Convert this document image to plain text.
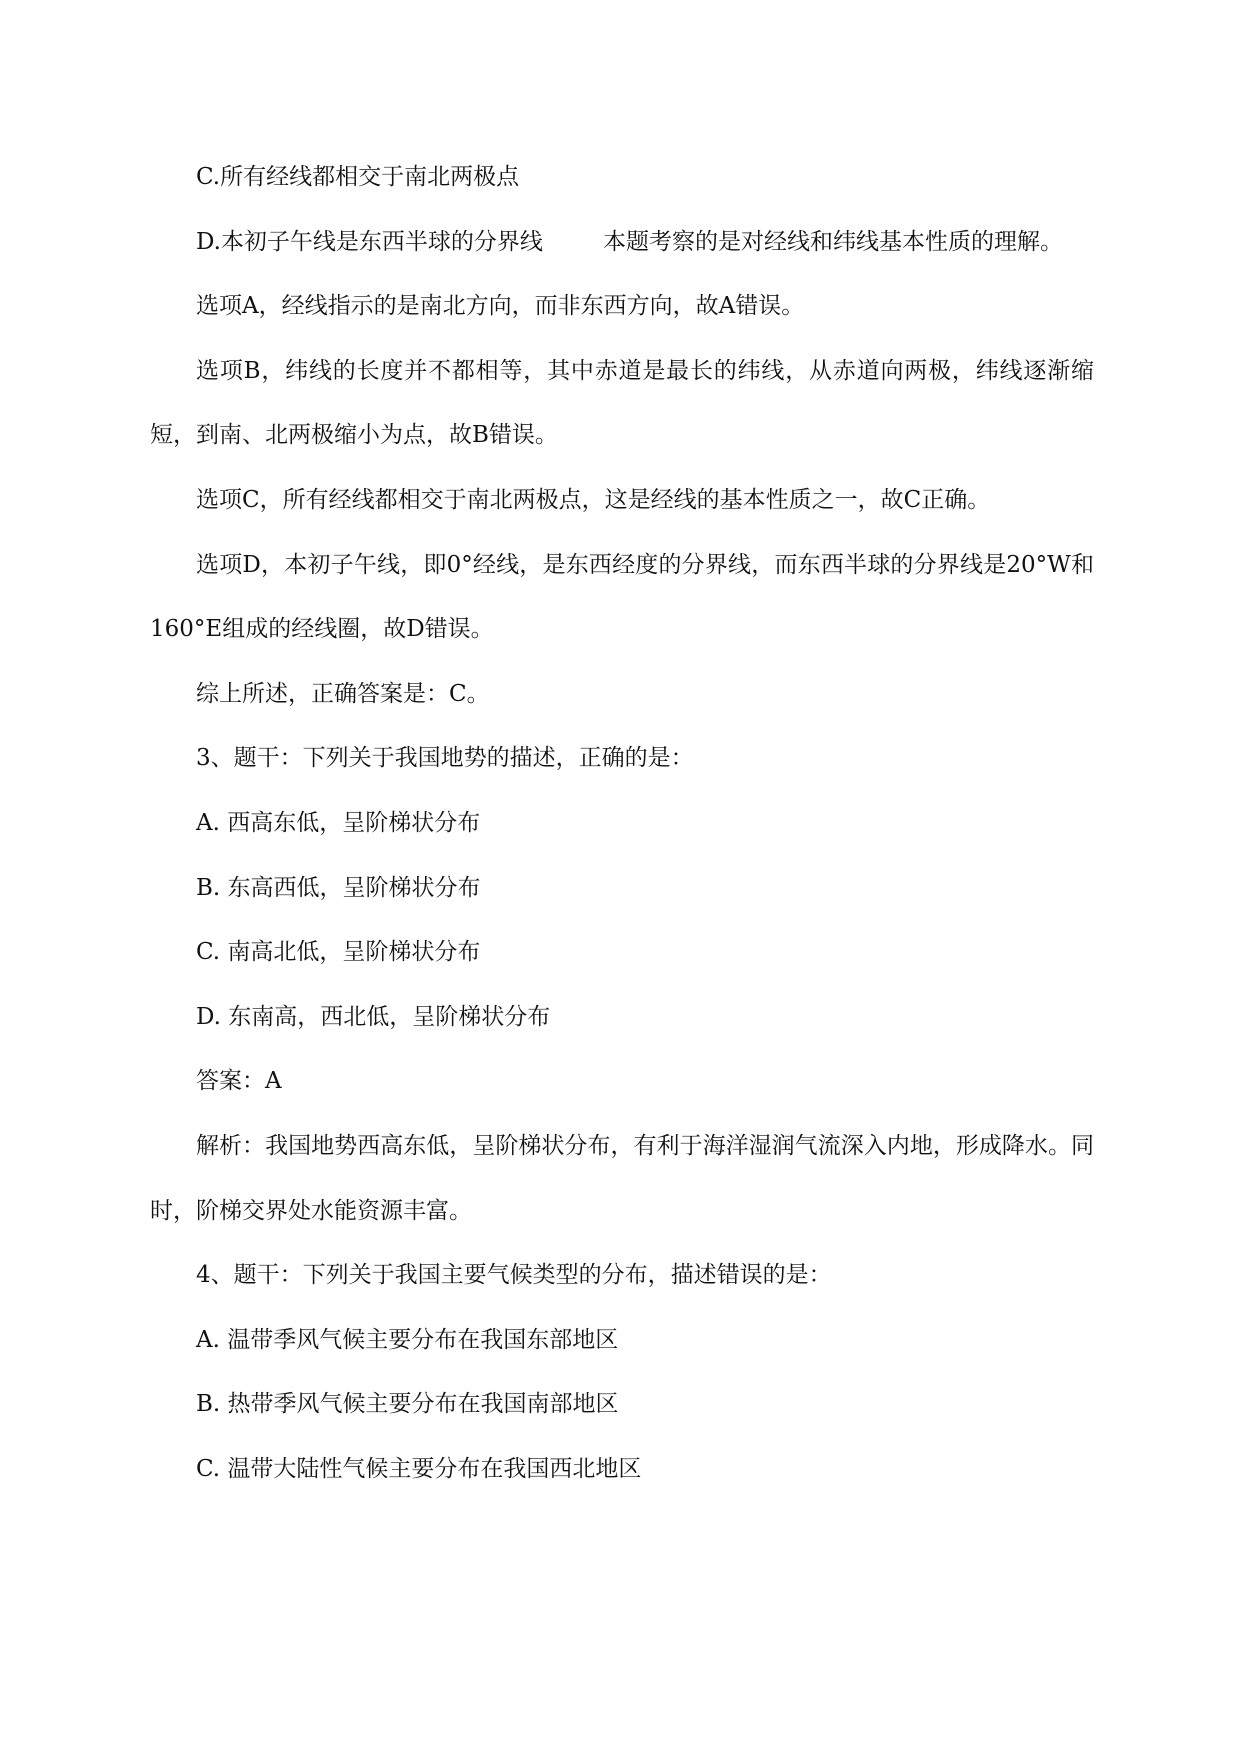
C.所有经线都相交于南北两极点

D.本初子午线是东西半球的分界线	本题考察的是对经线和纬线基本性质的理解。

选项A，经线指示的是南北方向，而非东西方向，故A错误。

选项B，纬线的长度并不都相等，其中赤道是最长的纬线，从赤道向两极，纬线逐渐缩短，到南、北两极缩小为点，故B错误。

选项C，所有经线都相交于南北两极点，这是经线的基本性质之一，故C正确。

选项D，本初子午线，即0°经线，是东西经度的分界线，而东西半球的分界线是20°W和160°E组成的经线圈，故D错误。

综上所述，正确答案是：C。

3、题干：下列关于我国地势的描述，正确的是：

A. 西高东低，呈阶梯状分布

B. 东高西低，呈阶梯状分布

C. 南高北低，呈阶梯状分布

D. 东南高，西北低，呈阶梯状分布

答案：A

解析：我国地势西高东低，呈阶梯状分布，有利于海洋湿润气流深入内地，形成降水。同时，阶梯交界处水能资源丰富。

4、题干：下列关于我国主要气候类型的分布，描述错误的是：

A. 温带季风气候主要分布在我国东部地区

B. 热带季风气候主要分布在我国南部地区

C. 温带大陆性气候主要分布在我国西北地区
